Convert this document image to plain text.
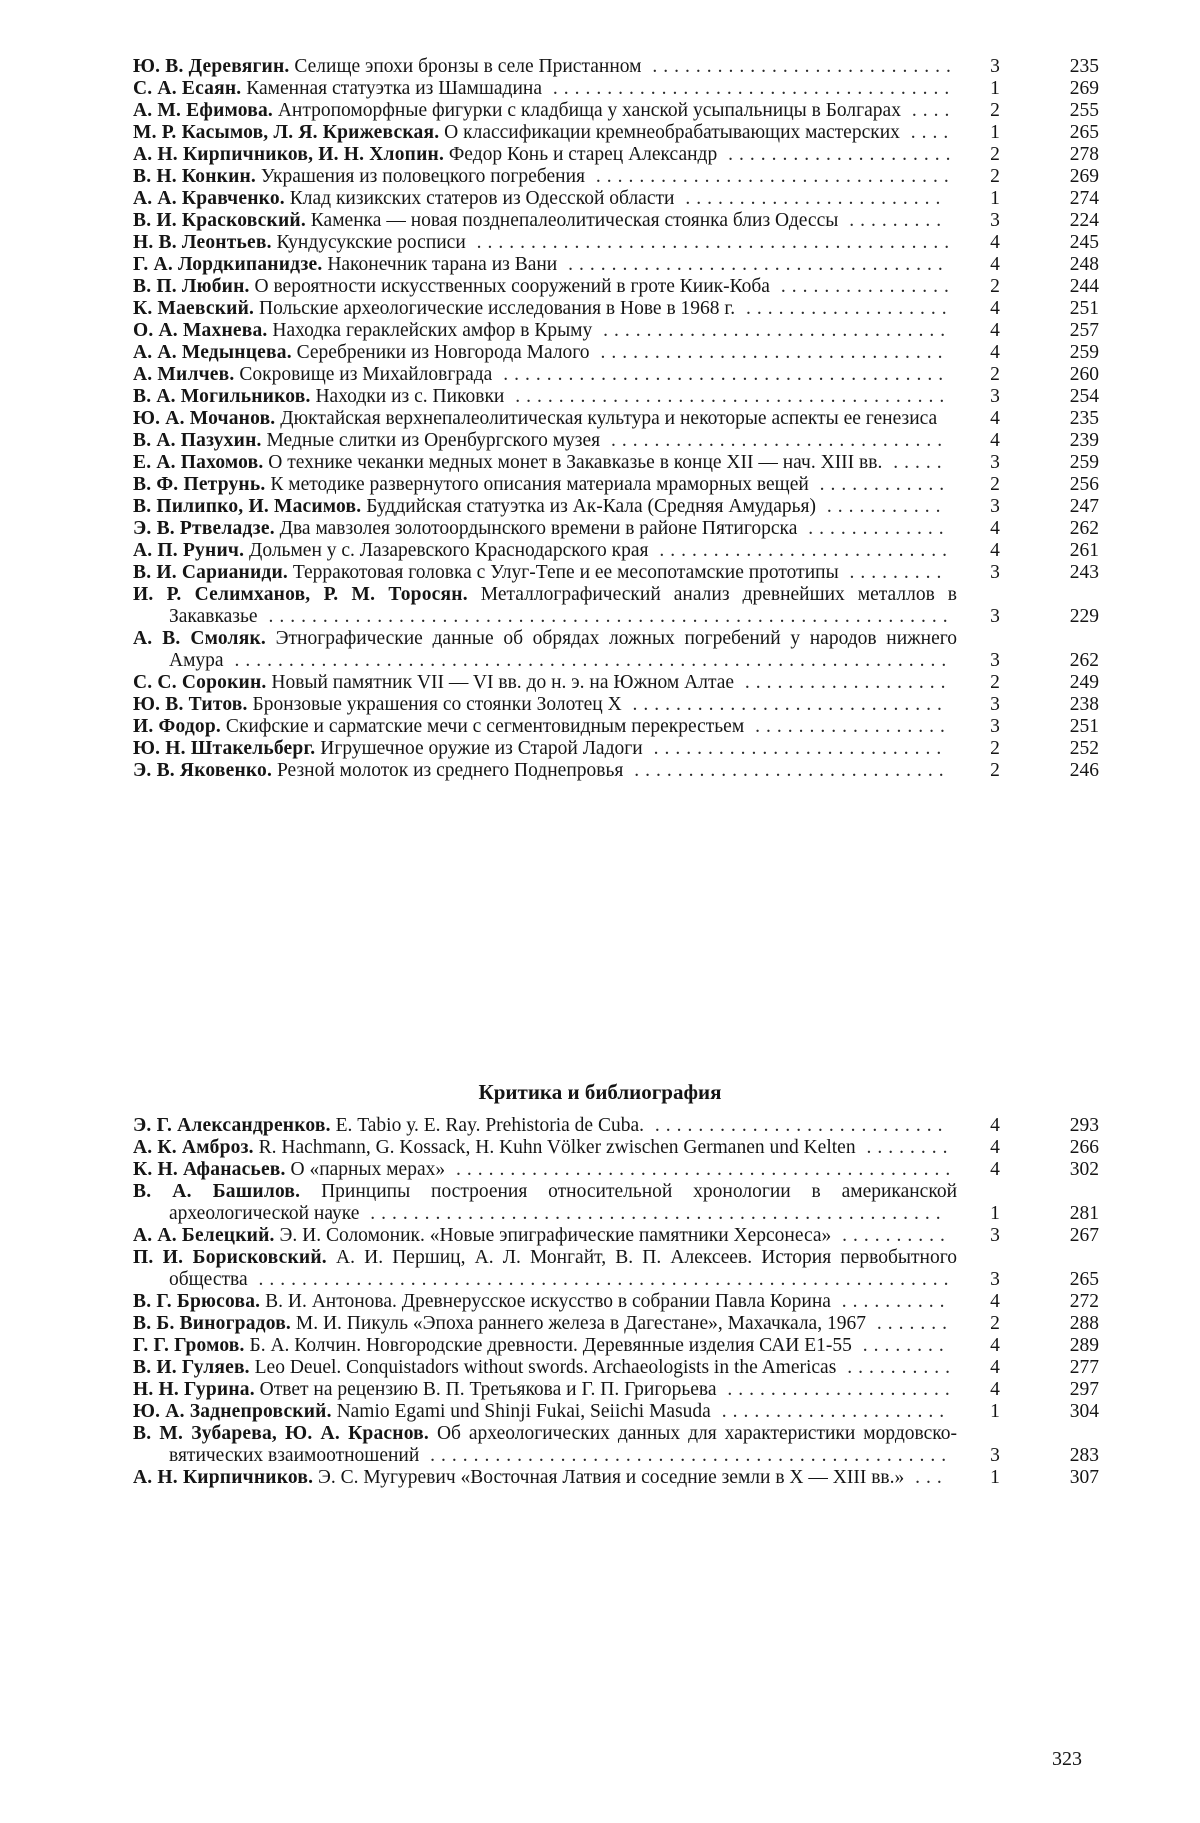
Ю. В. Деревягин. Селище эпохи бронзы в селе Пристанном ............................	3	235
С. А. Есаян. Каменная статуэтка из Шамшадина .....................................	1	269
А. М. Ефимова. Антропоморфные фигурки с кладбища у ханской усыпальницы в Болгарах ....	2	255
М. Р. Касымов, Л. Я. Крижевская. О классификации кремнеобрабатывающих мастерских ....	1	265
А. Н. Кирпичников, И. Н. Хлопин. Федор Конь и старец Александр .....................	2	278
В. Н. Конкин. Украшения из половецкого погребения .................................	2	269
А. А. Кравченко. Клад кизикских статеров из Одесской области ........................	1	274
В. И. Красковский. Каменка — новая позднепалеолитическая стоянка близ Одессы .........	3	224
Н. В. Леонтьев. Кундусукские росписи ............................................	4	245
Г. А. Лордкипанидзе. Наконечник тарана из Вани ...................................	4	248
В. П. Любин. О вероятности искусственных сооружений в гроте Киик-Коба ................	2	244
К. Маевский. Польские археологические исследования в Нове в 1968 г. ...................	4	251
О. А. Махнева. Находка гераклейских амфор в Крыму ................................	4	257
А. А. Медынцева. Серебреники из Новгорода Малого ................................	4	259
А. Милчев. Сокровище из Михайловграда .........................................	2	260
В. А. Могильников. Находки из с. Пиковки ........................................	3	254
Ю. А. Мочанов. Дюктайская верхнепалеолитическая культура и некоторые аспекты ее генезиса	4	235
В. А. Пазухин. Медные слитки из Оренбургского музея ...............................	4	239
Е. А. Пахомов. О технике чеканки медных монет в Закавказье в конце XII — нач. XIII вв. .....	3	259
В. Ф. Петрунь. К методике развернутого описания материала мраморных вещей ............	2	256
В. Пилипко, И. Масимов. Буддийская статуэтка из Ак-Кала (Средняя Амударья) ...........	3	247
Э. В. Ртвеладзе. Два мавзолея золотоордынского времени в районе Пятигорска .............	4	262
А. П. Рунич. Дольмен у с. Лазаревского Краснодарского края ...........................	4	261
В. И. Сарианиди. Терракотовая головка с Улуг-Тепе и ее месопотамские прототипы .........	3	243
И. Р. Селимханов, Р. М. Торосян. Металлографический анализ древнейших металлов в Закавказье ...............................................................	3	229
А. В. Смоляк. Этнографические данные об обрядах ложных погребений у народов нижнего Амура ..................................................................	3	262
С. С. Сорокин. Новый памятник VII — VI вв. до н. э. на Южном Алтае ...................	2	249
Ю. В. Титов. Бронзовые украшения со стоянки Золотец X .............................	3	238
И. Фодор. Скифские и сарматские мечи с сегментовидным перекрестьем ..................	3	251
Ю. Н. Штакельберг. Игрушечное оружие из Старой Ладоги ...........................	2	252
Э. В. Яковенко. Резной молоток из среднего Поднепровья .............................	2	246
Критика и библиография
Э. Г. Александренков. Е. Tabio у. E. Ray. Prehistoria de Cuba. ...........................	4	293
А. К. Амброз. R. Hachmann, G. Kossack, H. Kuhn Völker zwischen Germanen und Kelten ........	4	266
К. Н. Афанасьев. О «парных мерах» ..............................................	4	302
В. А. Башилов. Принципы построения относительной хронологии в американской археологической науке .....................................................	1	281
А. А. Белецкий. Э. И. Соломоник. «Новые эпиграфические памятники Херсонеса» ..........	3	267
П. И. Борисковский. А. И. Першиц, А. Л. Монгайт, В. П. Алексеев. История первобытного общества ................................................................	3	265
В. Г. Брюсова. В. И. Антонова. Древнерусское искусство в собрании Павла Корина ..........	4	272
В. Б. Виноградов. М. И. Пикуль «Эпоха раннего железа в Дагестане», Махачкала, 1967 .......	2	288
Г. Г. Громов. Б. А. Колчин. Новгородские древности. Деревянные изделия САИ Е1-55 ........	4	289
В. И. Гуляев. Leo Deuel. Conquistadors without swords. Archaeologists in the Americas ..........	4	277
Н. Н. Гурина. Ответ на рецензию В. П. Третьякова и Г. П. Григорьева .....................	4	297
Ю. А. Заднепровский. Namio Egami und Shinji Fukai, Seiichi Masuda .....................	1	304
В. М. Зубарева, Ю. А. Краснов. Об археологических данных для характеристики мордовско-вятических взаимоотношений ................................................	3	283
А. Н. Кирпичников. Э. С. Мугуревич «Восточная Латвия и соседние земли в X — XIII вв.» ...	1	307
323
